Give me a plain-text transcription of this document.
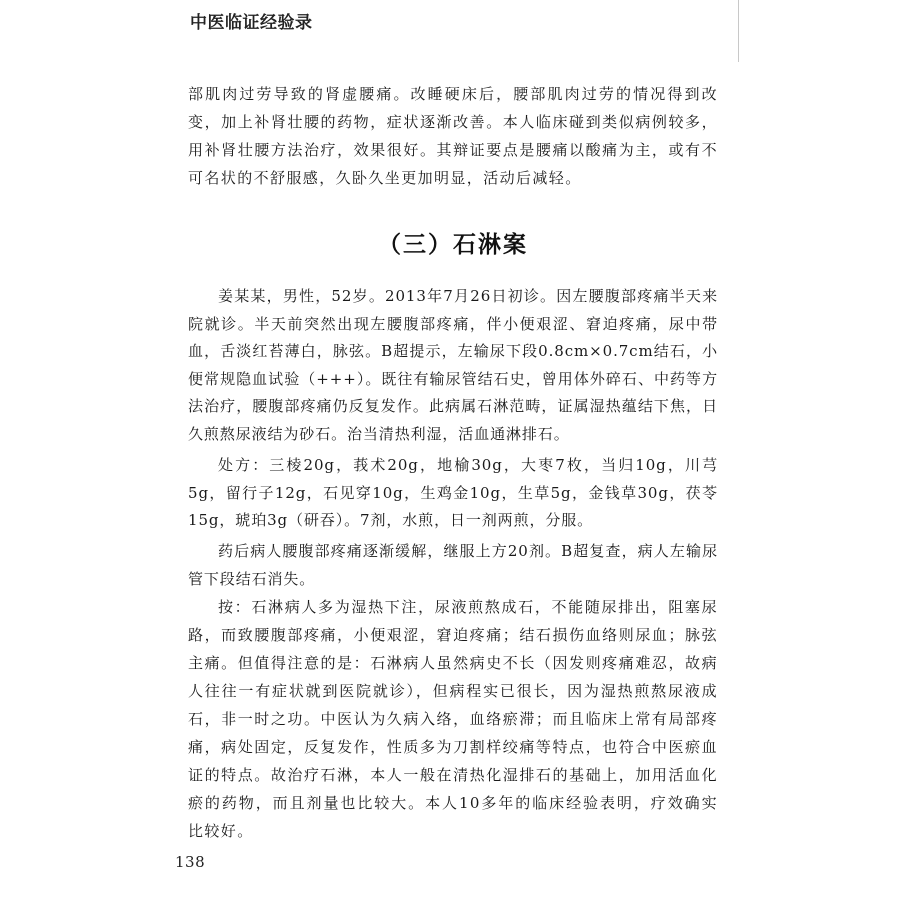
中医临证经验录

部肌肉过劳导致的肾虚腰痛。改睡硬床后，腰部肌肉过劳的情况得到改变，加上补肾壮腰的药物，症状逐渐改善。本人临床碰到类似病例较多，用补肾壮腰方法治疗，效果很好。其辩证要点是腰痛以酸痛为主，或有不可名状的不舒服感，久卧久坐更加明显，活动后减轻。

（三）石淋案

姜某某，男性，52岁。2013年7月26日初诊。因左腰腹部疼痛半天来院就诊。半天前突然出现左腰腹部疼痛，伴小便艰涩、窘迫疼痛，尿中带血，舌淡红苔薄白，脉弦。B超提示，左输尿下段0.8cm×0.7cm结石，小便常规隐血试验（+++）。既往有输尿管结石史，曾用体外碎石、中药等方法治疗，腰腹部疼痛仍反复发作。此病属石淋范畴，证属湿热蕴结下焦，日久煎熬尿液结为砂石。治当清热利湿，活血通淋排石。

处方：三棱20g，莪术20g，地榆30g，大枣7枚，当归10g，川芎5g，留行子12g，石见穿10g，生鸡金10g，生草5g，金钱草30g，茯苓15g，琥珀3g（研吞）。7剂，水煎，日一剂两煎，分服。

药后病人腰腹部疼痛逐渐缓解，继服上方20剂。B超复查，病人左输尿管下段结石消失。

按：石淋病人多为湿热下注，尿液煎熬成石，不能随尿排出，阻塞尿路，而致腰腹部疼痛，小便艰涩，窘迫疼痛；结石损伤血络则尿血；脉弦主痛。但值得注意的是：石淋病人虽然病史不长（因发则疼痛难忍，故病人往往一有症状就到医院就诊），但病程实已很长，因为湿热煎熬尿液成石，非一时之功。中医认为久病入络，血络瘀滞；而且临床上常有局部疼痛，病处固定，反复发作，性质多为刀割样绞痛等特点，也符合中医瘀血证的特点。故治疗石淋，本人一般在清热化湿排石的基础上，加用活血化瘀的药物，而且剂量也比较大。本人10多年的临床经验表明，疗效确实比较好。

138
